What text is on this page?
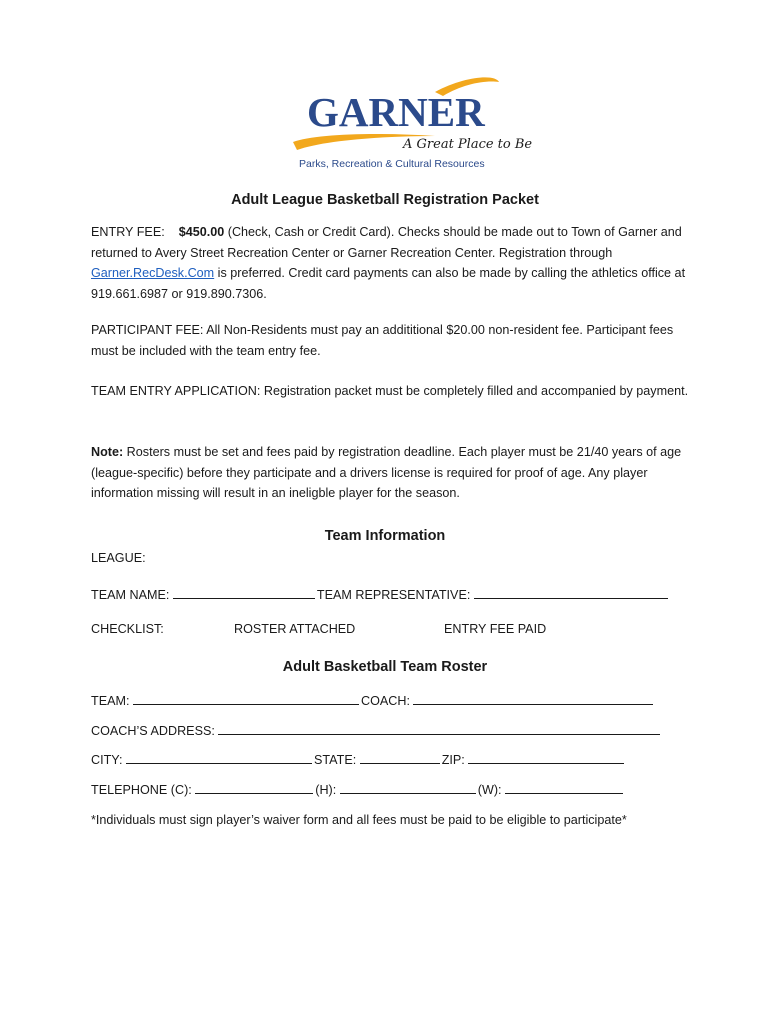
GARNER
A Great Place to Be
Parks, Recreation & Cultural Resources
Adult League Basketball Registration Packet
ENTRY FEE: $450.00 (Check, Cash or Credit Card). Checks should be made out to Town of Garner and returned to Avery Street Recreation Center or Garner Recreation Center. Registration through Garner.RecDesk.Com is preferred. Credit card payments can also be made by calling the athletics office at 919.661.6987 or 919.890.7306.
PARTICIPANT FEE: All Non-Residents must pay an addititional $20.00 non-resident fee. Participant fees must be included with the team entry fee.
TEAM ENTRY APPLICATION: Registration packet must be completely filled and accompanied by payment.
Note: Rosters must be set and fees paid by registration deadline. Each player must be 21/40 years of age (league-specific) before they participate and a drivers license is required for proof of age. Any player information missing will result in an ineligble player for the season.
Team Information
LEAGUE:
TEAM NAME:	TEAM REPRESENTATIVE:
CHECKLIST:	ROSTER ATTACHED	ENTRY FEE PAID
Adult Basketball Team Roster
TEAM:	COACH:
COACH’S ADDRESS:
CITY:	STATE:	ZIP:
TELEPHONE (C):	(H):	(W):
*Individuals must sign player’s waiver form and all fees must be paid to be eligible to participate*
